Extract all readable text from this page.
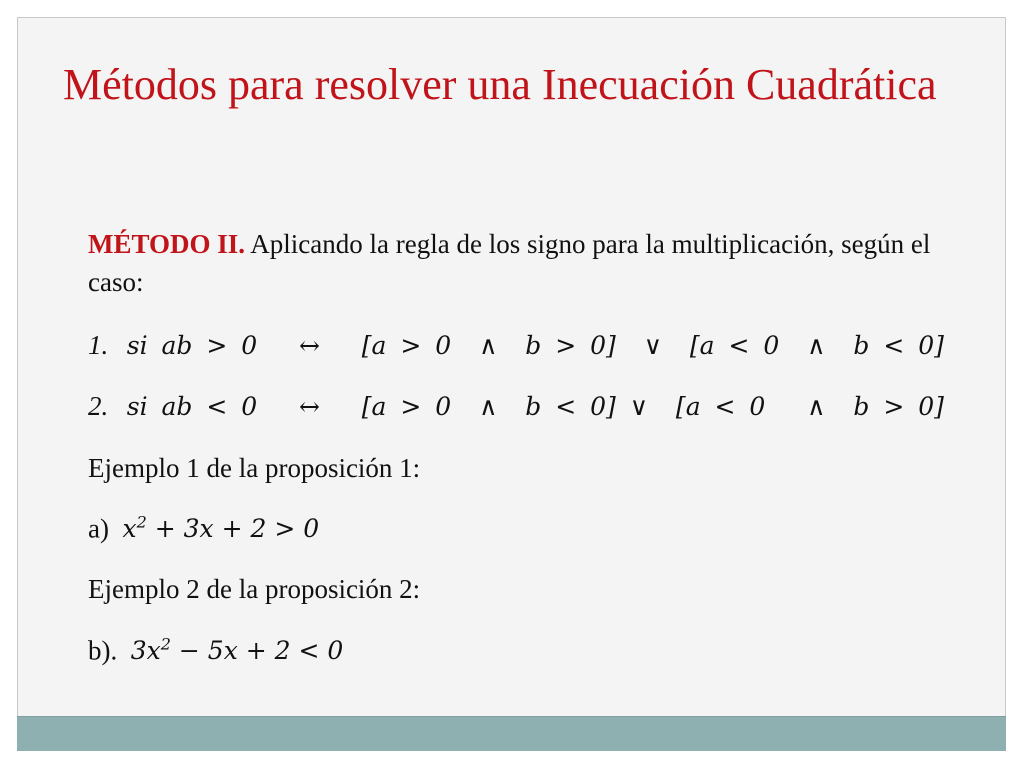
Métodos para resolver una Inecuación Cuadrática

MÉTODO II. Aplicando la regla de los signo para la multiplicación, según el caso:

1. si ab > 0   ↔   [a > 0  ∧  b > 0]  ∨  [a < 0  ∧  b < 0]
2. si ab < 0   ↔   [a > 0  ∧  b < 0] ∨  [a < 0   ∧  b > 0]
Ejemplo 1 de la proposición 1:
a)  $x^2 + 3x + 2 > 0$
Ejemplo 2 de la proposición 2:
b).  $3x^2 - 5x + 2 < 0$
